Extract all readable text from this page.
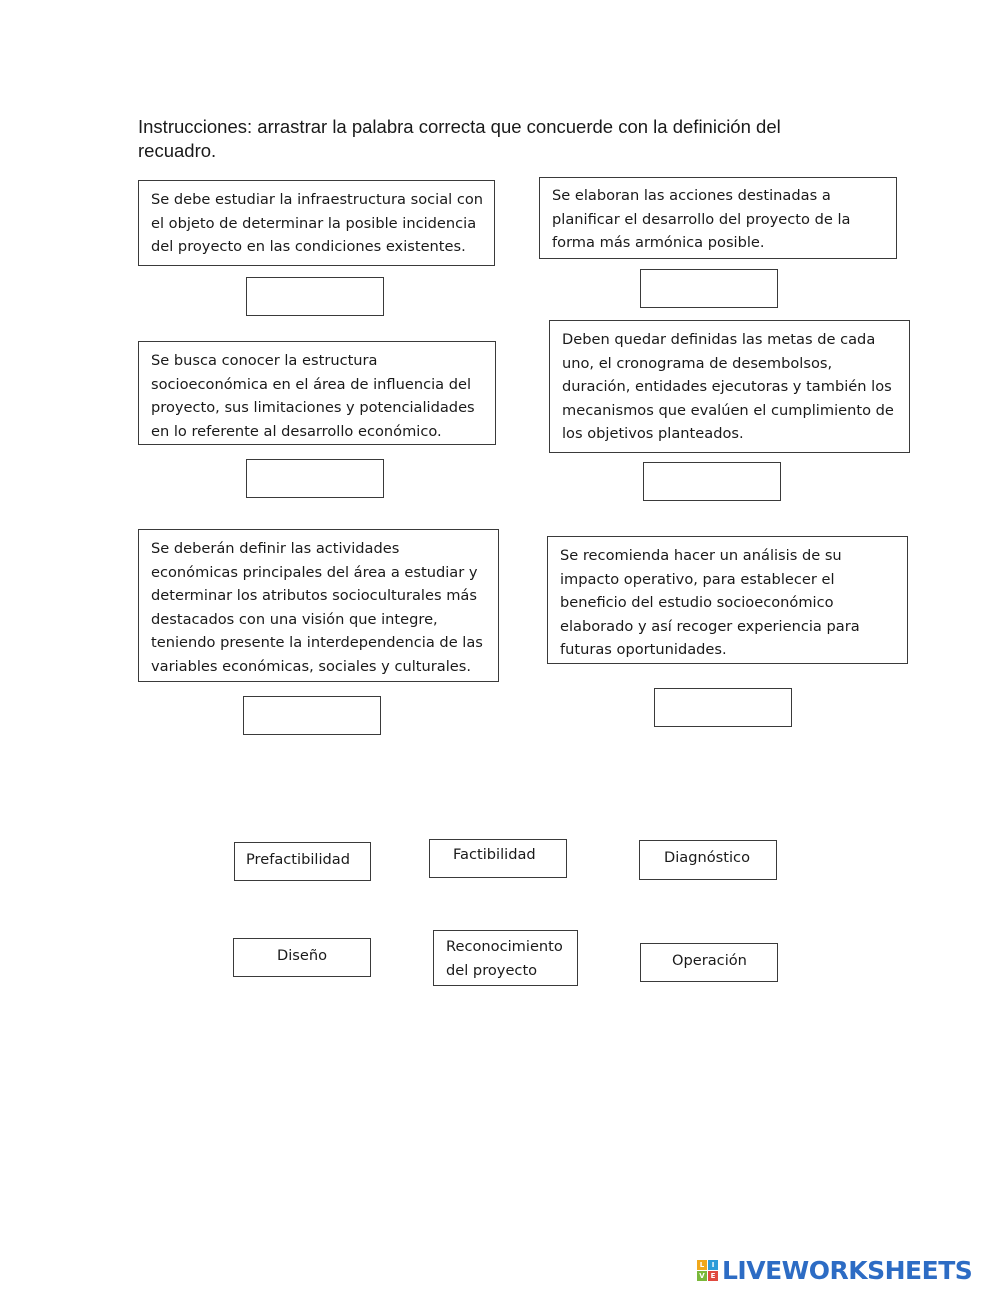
Instrucciones: arrastrar la palabra correcta que concuerde con la definición del recuadro.
Se debe estudiar la infraestructura social con el objeto de determinar la posible incidencia del proyecto en las condiciones existentes.
Se elaboran las acciones destinadas a planificar el desarrollo del proyecto de la forma más armónica posible.
Se busca conocer la estructura socioeconómica en el área de influencia del proyecto, sus limitaciones y potencialidades en lo referente al desarrollo económico.
Deben quedar definidas las metas de cada uno, el cronograma de desembolsos, duración, entidades ejecutoras y también los mecanismos que evalúen el cumplimiento de los objetivos planteados.
Se deberán definir las actividades económicas principales del área a estudiar y determinar los atributos socioculturales más destacados con una visión que integre, teniendo presente la interdependencia de las variables económicas, sociales y culturales.
Se recomienda hacer un análisis de su impacto operativo, para establecer el beneficio del estudio socioeconómico elaborado y así recoger experiencia para futuras oportunidades.
Prefactibilidad	Factibilidad	Diagnóstico
Diseño
Reconocimiento
del proyecto
Operación
L	I
V E LIVEWORKSHEETS
